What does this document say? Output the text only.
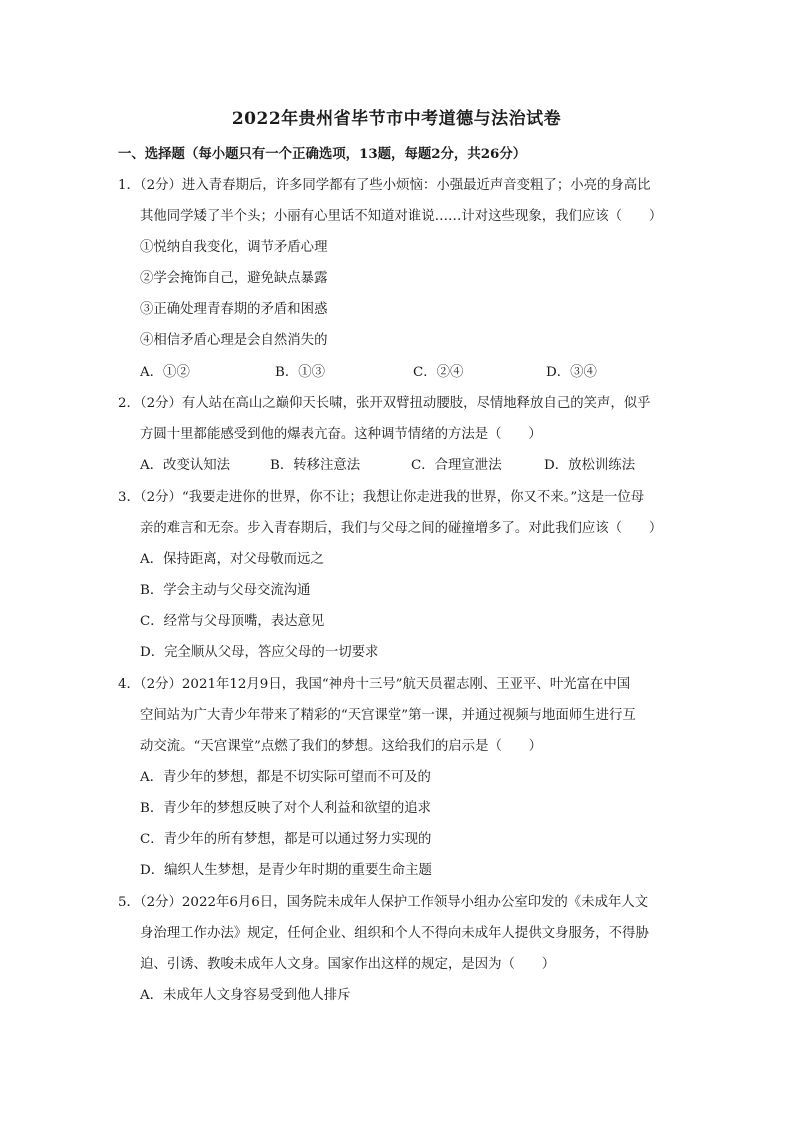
2022年贵州省毕节市中考道德与法治试卷
一、选择题（每小题只有一个正确选项，13题，每题2分，共26分）
1．（2分）进入青春期后，许多同学都有了些小烦恼：小强最近声音变粗了；小亮的身高比
其他同学矮了半个头；小丽有心里话不知道对谁说……计对这些现象，我们应该（　　）
①悦纳自我变化，调节矛盾心理
②学会掩饰自己，避免缺点暴露
③正确处理青春期的矛盾和困惑
④相信矛盾心理是会自然消失的
A．①②	B．①③	C．②④	D．③④
2．（2分）有人站在高山之巅仰天长啸，张开双臂扭动腰肢，尽情地释放自己的笑声，似乎
方圆十里都能感受到他的爆表亢奋。这种调节情绪的方法是（　　）
A．改变认知法	B．转移注意法	C．合理宣泄法	D．放松训练法
3．（2分）“我要走进你的世界，你不让；我想让你走进我的世界，你又不来。”这是一位母
亲的难言和无奈。步入青春期后，我们与父母之间的碰撞增多了。对此我们应该（　　）
A．保持距离，对父母敬而远之
B．学会主动与父母交流沟通
C．经常与父母顶嘴，表达意见
D．完全顺从父母，答应父母的一切要求
4．（2分）2021年12月9日，我国“神舟十三号”航天员翟志刚、王亚平、叶光富在中国
空间站为广大青少年带来了精彩的“天宫课堂”第一课，并通过视频与地面师生进行互
动交流。“天宫课堂”点燃了我们的梦想。这给我们的启示是（　　）
A．青少年的梦想，都是不切实际可望而不可及的
B．青少年的梦想反映了对个人利益和欲望的追求
C．青少年的所有梦想，都是可以通过努力实现的
D．编织人生梦想，是青少年时期的重要生命主题
5．（2分）2022年6月6日，国务院未成年人保护工作领导小组办公室印发的《未成年人文
身治理工作办法》规定，任何企业、组织和个人不得向未成年人提供文身服务，不得胁
迫、引诱、教唆未成年人文身。国家作出这样的规定，是因为（　　）
A．未成年人文身容易受到他人排斥
